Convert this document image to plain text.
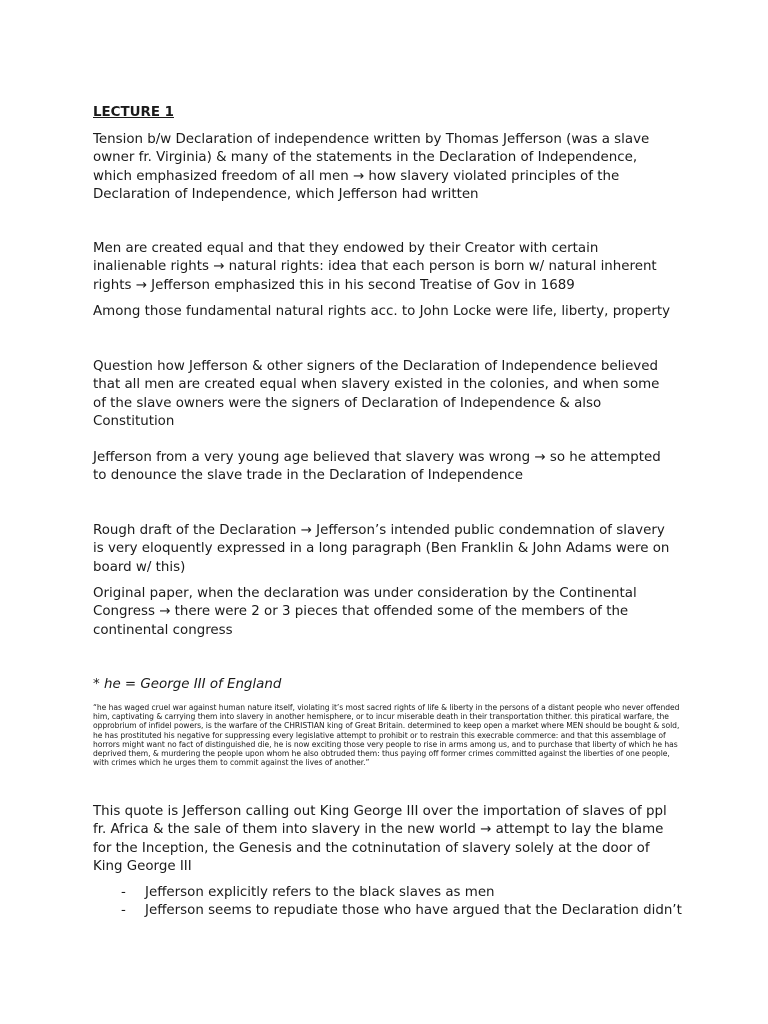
LECTURE 1

Tension b/w Declaration of independence written by Thomas Jefferson (was a slave owner fr. Virginia) & many of the statements in the Declaration of Independence, which emphasized freedom of all men → how slavery violated principles of the Declaration of Independence, which Jefferson had written

Men are created equal and that they endowed by their Creator with certain inalienable rights → natural rights: idea that each person is born w/ natural inherent rights → Jefferson emphasized this in his second Treatise of Gov in 1689

Among those fundamental natural rights acc. to John Locke were life, liberty, property

Question how Jefferson & other signers of the Declaration of Independence believed that all men are created equal when slavery existed in the colonies, and when some of the slave owners were the signers of Declaration of Independence & also Constitution

Jefferson from a very young age believed that slavery was wrong → so he attempted to denounce the slave trade in the Declaration of Independence

Rough draft of the Declaration → Jefferson’s intended public condemnation of slavery is very eloquently expressed in a long paragraph (Ben Franklin & John Adams were on board w/ this)

Original paper, when the declaration was under consideration by the Continental Congress → there were 2 or 3 pieces that offended some of the members of the continental congress

* he = George III of England

“he has waged cruel war against human nature itself, violating it’s most sacred rights of life & liberty in the persons of a distant people who never offended him, captivating & carrying them into slavery in another hemisphere, or to incur miserable death in their transportation thither. this piratical warfare, the opprobrium of infidel powers, is the warfare of the CHRISTIAN king of Great Britain. determined to keep open a market where MEN should be bought & sold, he has prostituted his negative for suppressing every legislative attempt to prohibit or to restrain this execrable commerce: and that this assemblage of horrors might want no fact of distinguished die, he is now exciting those very people to rise in arms among us, and to purchase that liberty of which he has deprived them, & murdering the people upon whom he also obtruded them: thus paying off former crimes committed against the liberties of one people, with crimes which he urges them to commit against the lives of another.”

This quote is Jefferson calling out King George III over the importation of slaves of ppl fr. Africa & the sale of them into slavery in the new world → attempt to lay the blame for the Inception, the Genesis and the cotninutation of slavery solely at the door of King George III

- Jefferson explicitly refers to the black slaves as men
- Jefferson seems to repudiate those who have argued that the Declaration didn’t
